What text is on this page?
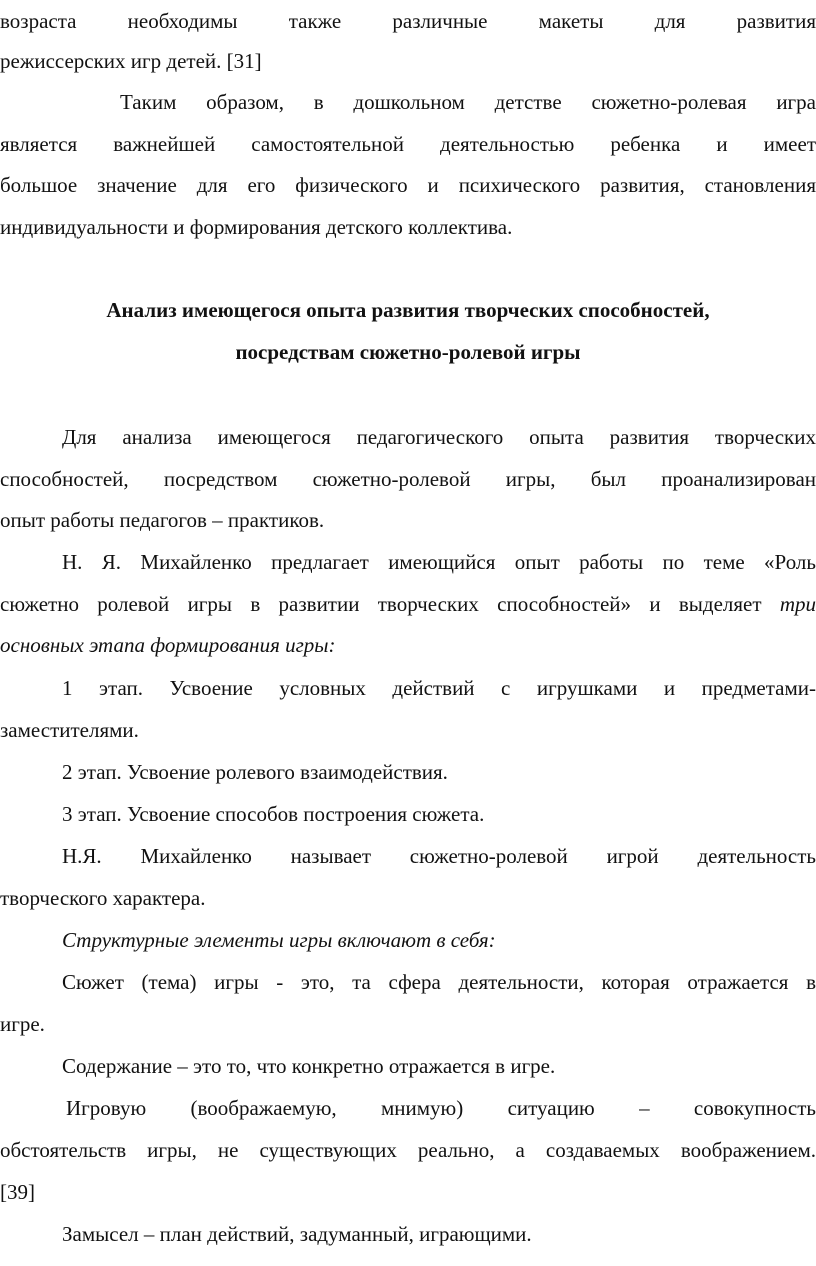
возраста необходимы также различные макеты для развития
режиссерских игр детей. [31]
Таким образом, в дошкольном детстве сюжетно-ролевая игра
является важнейшей самостоятельной деятельностью ребенка и имеет
большое значение для его физического и психического развития, становления
индивидуальности и формирования детского коллектива.
Анализ имеющегося опыта развития творческих способностей,
посредствам сюжетно-ролевой игры
Для анализа имеющегося педагогического опыта развития творческих
способностей, посредством сюжетно-ролевой игры, был проанализирован
опыт работы педагогов – практиков.
Н. Я. Михайленко предлагает имеющийся опыт работы по теме «Роль
сюжетно ролевой игры в развитии творческих способностей» и выделяет три
основных этапа формирования игры:
1 этап. Усвоение условных действий с игрушками и предметами-
заместителями.
2 этап. Усвоение ролевого взаимодействия.
3 этап. Усвоение способов построения сюжета.
Н.Я. Михайленко называет сюжетно-ролевой игрой деятельность
творческого характера.
Структурные элементы игры включают в себя:
Сюжет (тема) игры - это, та сфера деятельности, которая отражается в
игре.
Содержание – это то, что конкретно отражается в игре.
Игровую (воображаемую, мнимую) ситуацию – совокупность
обстоятельств игры, не существующих реально, а создаваемых воображением.
[39]
Замысел – план действий, задуманный, играющими.
